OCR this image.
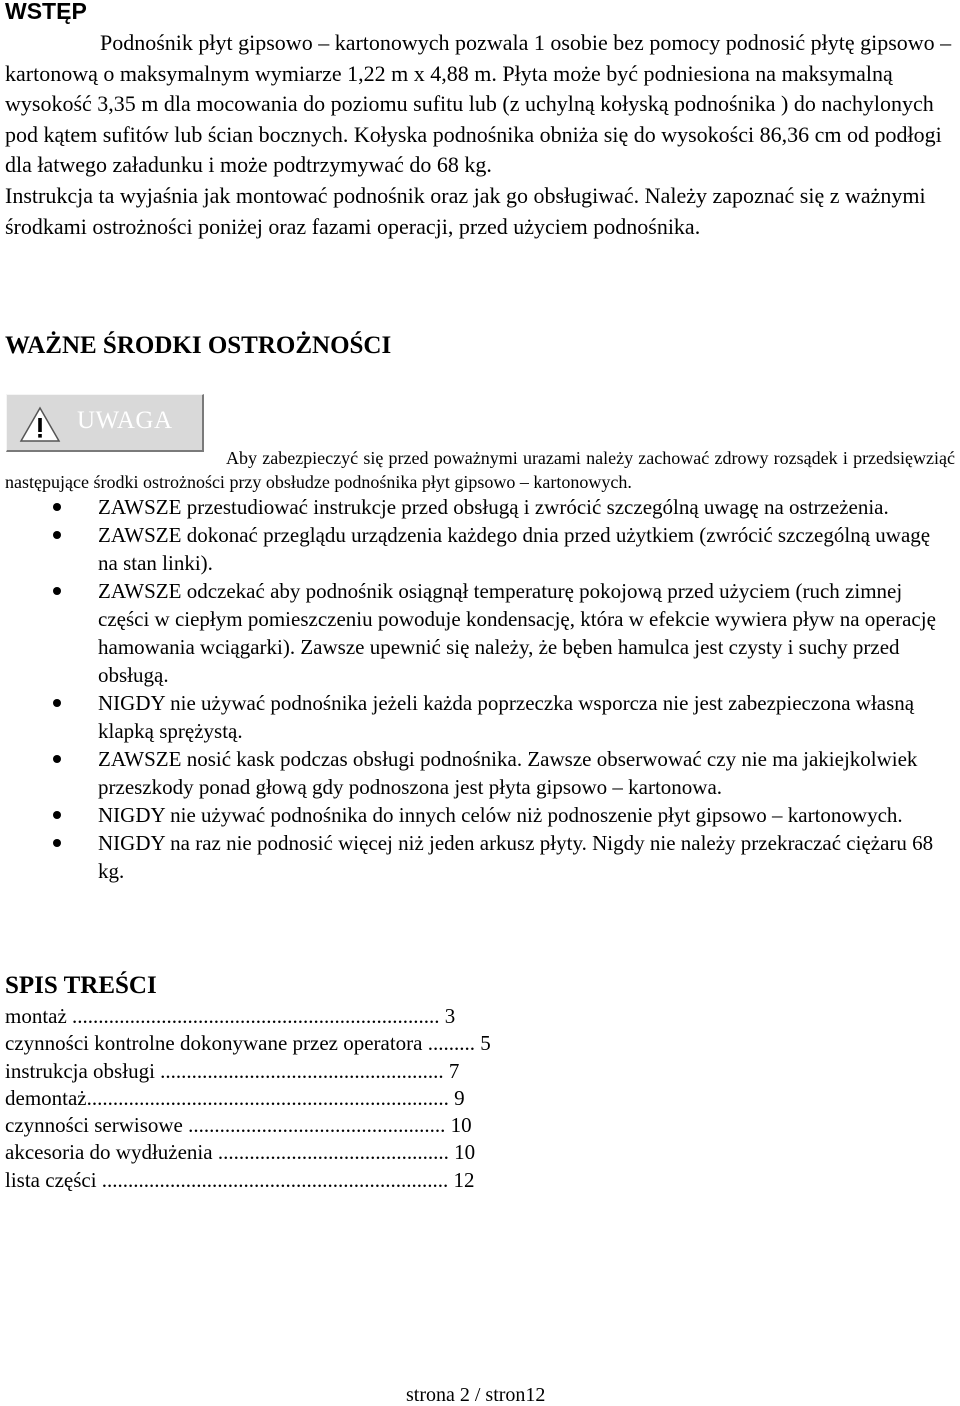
WSTĘP

Podnośnik płyt gipsowo – kartonowych pozwala 1 osobie bez pomocy podnosić płytę gipsowo – kartonową o maksymalnym wymiarze 1,22 m x 4,88 m. Płyta może być podniesiona na maksymalną wysokość 3,35 m dla mocowania do poziomu sufitu lub (z uchylną kołyską podnośnika ) do nachylonych pod kątem sufitów lub ścian bocznych. Kołyska podnośnika obniża się do wysokości 86,36 cm od podłogi dla łatwego załadunku i może podtrzymywać do 68 kg.

Instrukcja ta wyjaśnia jak montować podnośnik oraz jak go obsługiwać. Należy zapoznać się z ważnymi środkami ostrożności poniżej oraz fazami operacji, przed użyciem podnośnika.

WAŻNE ŚRODKI OSTROŻNOŚCI
UWAGA

Aby zabezpieczyć się przed poważnymi urazami należy zachować zdrowy rozsądek i przedsięwziąć następujące środki ostrożności przy obsłudze podnośnika płyt gipsowo – kartonowych.

ZAWSZE przestudiować instrukcje przed obsługą i zwrócić szczególną uwagę na ostrzeżenia.
ZAWSZE dokonać przeglądu urządzenia każdego dnia przed użytkiem (zwrócić szczególną uwagę na stan linki).
ZAWSZE odczekać aby podnośnik osiągnął temperaturę pokojową przed użyciem (ruch zimnej części w ciepłym pomieszczeniu powoduje kondensację, która w efekcie wywiera pływ na operację hamowania wciągarki). Zawsze upewnić się należy, że bęben hamulca jest czysty i suchy przed obsługą.
NIGDY nie używać podnośnika jeżeli każda poprzeczka wsporcza nie jest zabezpieczona własną klapką sprężystą.
ZAWSZE nosić kask podczas obsługi podnośnika. Zawsze obserwować czy nie ma jakiejkolwiek przeszkody ponad głową gdy podnoszona jest płyta gipsowo – kartonowa.
NIGDY nie używać podnośnika do innych celów niż podnoszenie płyt gipsowo – kartonowych.
NIGDY na raz nie podnosić więcej niż jeden arkusz płyty. Nigdy nie należy przekraczać ciężaru 68 kg.
SPIS TREŚCI
montaż ...................................................................... 3
czynności kontrolne dokonywane przez operatora ......... 5
instrukcja obsługi ...................................................... 7
demontaż..................................................................... 9
czynności serwisowe ................................................. 10
akcesoria do wydłużenia ............................................ 10
lista części .................................................................. 12
strona 2 / stron12
